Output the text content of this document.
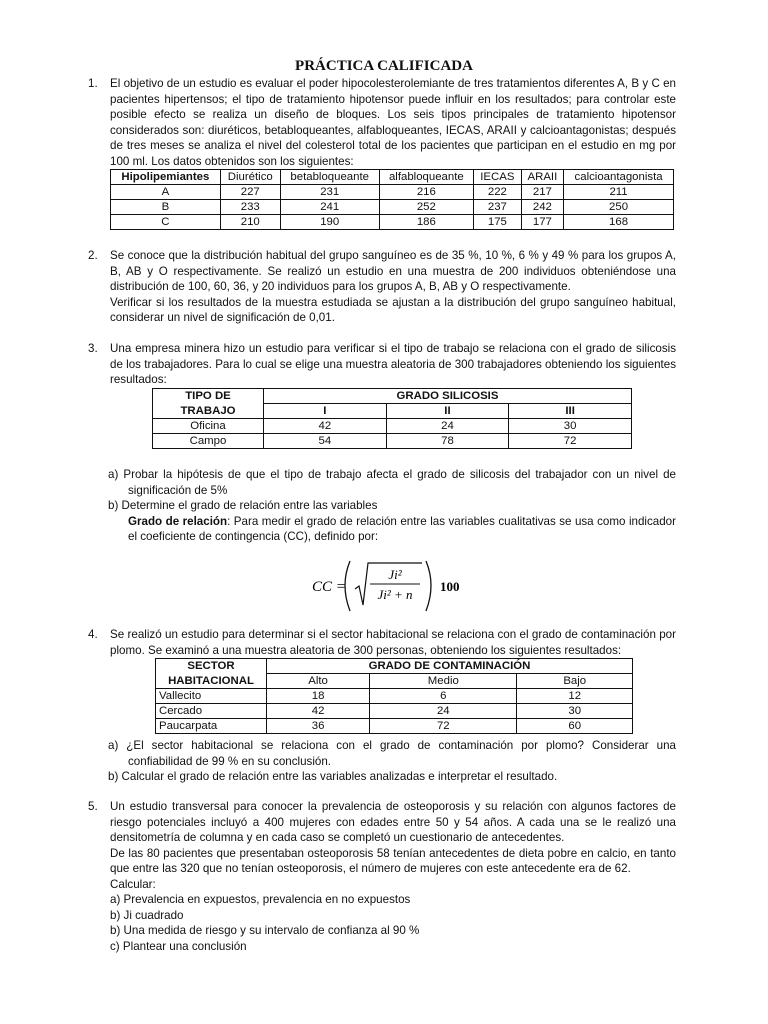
PRÁCTICA CALIFICADA
1. El objetivo de un estudio es evaluar el poder hipocolesterolemiante de tres tratamientos diferentes A, B y C en pacientes hipertensos; el tipo de tratamiento hipotensor puede influir en los resultados; para controlar este posible efecto se realiza un diseño de bloques. Los seis tipos principales de tratamiento hipotensor considerados son: diuréticos, betabloqueantes, alfabloqueantes, IECAS, ARAII y calcioantagonistas; después de tres meses se analiza el nivel del colesterol total de los pacientes que participan en el estudio en mg por 100 ml. Los datos obtenidos son los siguientes:

Hipolipemiantes	Diurético	betabloqueante	alfabloqueante	IECAS	ARAII	calcioantagonista
A	227	231	216	222	217	211
B	233	241	252	237	242	250
C	210	190	186	175	177	168
2. Se conoce que la distribución habitual del grupo sanguíneo es de 35 %, 10 %, 6 % y 49 % para los grupos A, B, AB y O respectivamente. Se realizó un estudio en una muestra de 200 individuos obteniéndose una distribución de 100, 60, 36, y 20 individuos para los grupos A, B, AB y O respectivamente.

Verificar si los resultados de la muestra estudiada se ajustan a la distribución del grupo sanguíneo habitual, considerar un nivel de significación de 0,01.

3. Una empresa minera hizo un estudio para verificar si el tipo de trabajo se relaciona con el grado de silicosis de los trabajadores. Para lo cual se elige una muestra aleatoria de 300 trabajadores obteniendo los siguientes resultados:

TIPO DE	GRADO SILICOSIS		
TRABAJO	I	II	III
Oficina	42	24	30
Campo	54	78	72
a) Probar la hipótesis de que el tipo de trabajo afecta el grado de silicosis del trabajador con un nivel de significación de 5%
b) Determine el grado de relación entre las variables
Grado de relación: Para medir el grado de relación entre las variables cualitativas se usa como indicador el coeficiente de contingencia (CC), definido por:
CC =
Ji²
Ji² + n
100
4. Se realizó un estudio para determinar si el sector habitacional se relaciona con el grado de contaminación por plomo. Se examinó a una muestra aleatoria de 300 personas, obteniendo los siguientes resultados:

SECTOR	GRADO DE CONTAMINACIÓN		
HABITACIONAL	Alto	Medio	Bajo
Vallecito	18	6	12
Cercado	42	24	30
Paucarpata	36	72	60
a) ¿El sector habitacional se relaciona con el grado de contaminación por plomo? Considerar una confiabilidad de 99 % en su conclusión.
b) Calcular el grado de relación entre las variables analizadas e interpretar el resultado.
5. Un estudio transversal para conocer la prevalencia de osteoporosis y su relación con algunos factores de riesgo potenciales incluyó a 400 mujeres con edades entre 50 y 54 años. A cada una se le realizó una densitometría de columna y en cada caso se completó un cuestionario de antecedentes.

De las 80 pacientes que presentaban osteoporosis 58 tenían antecedentes de dieta pobre en calcio, en tanto que entre las 320 que no tenían osteoporosis, el número de mujeres con este antecedente era de 62.

Calcular:

a) Prevalencia en expuestos, prevalencia en no expuestos

b) Ji cuadrado

b) Una medida de riesgo y su intervalo de confianza al 90 %

c) Plantear una conclusión
